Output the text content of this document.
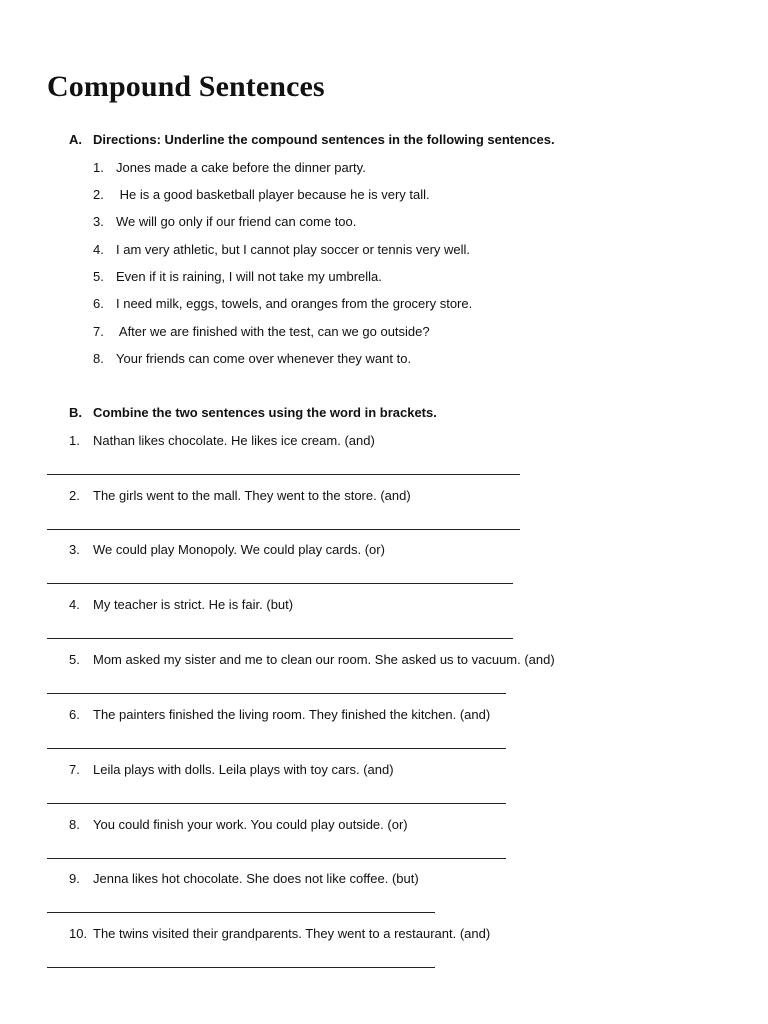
Compound Sentences
A. Directions: Underline the compound sentences in the following sentences.
1. Jones made a cake before the dinner party.
2. He is a good basketball player because he is very tall.
3. We will go only if our friend can come too.
4. I am very athletic, but I cannot play soccer or tennis very well.
5. Even if it is raining, I will not take my umbrella.
6. I need milk, eggs, towels, and oranges from the grocery store.
7. After we are finished with the test, can we go outside?
8. Your friends can come over whenever they want to.
B. Combine the two sentences using the word in brackets.
1. Nathan likes chocolate. He likes ice cream. (and)
2. The girls went to the mall. They went to the store. (and)
3. We could play Monopoly. We could play cards. (or)
4. My teacher is strict. He is fair. (but)
5. Mom asked my sister and me to clean our room. She asked us to vacuum. (and)
6. The painters finished the living room. They finished the kitchen. (and)
7. Leila plays with dolls. Leila plays with toy cars. (and)
8. You could finish your work. You could play outside. (or)
9. Jenna likes hot chocolate. She does not like coffee. (but)
10. The twins visited their grandparents. They went to a restaurant. (and)
